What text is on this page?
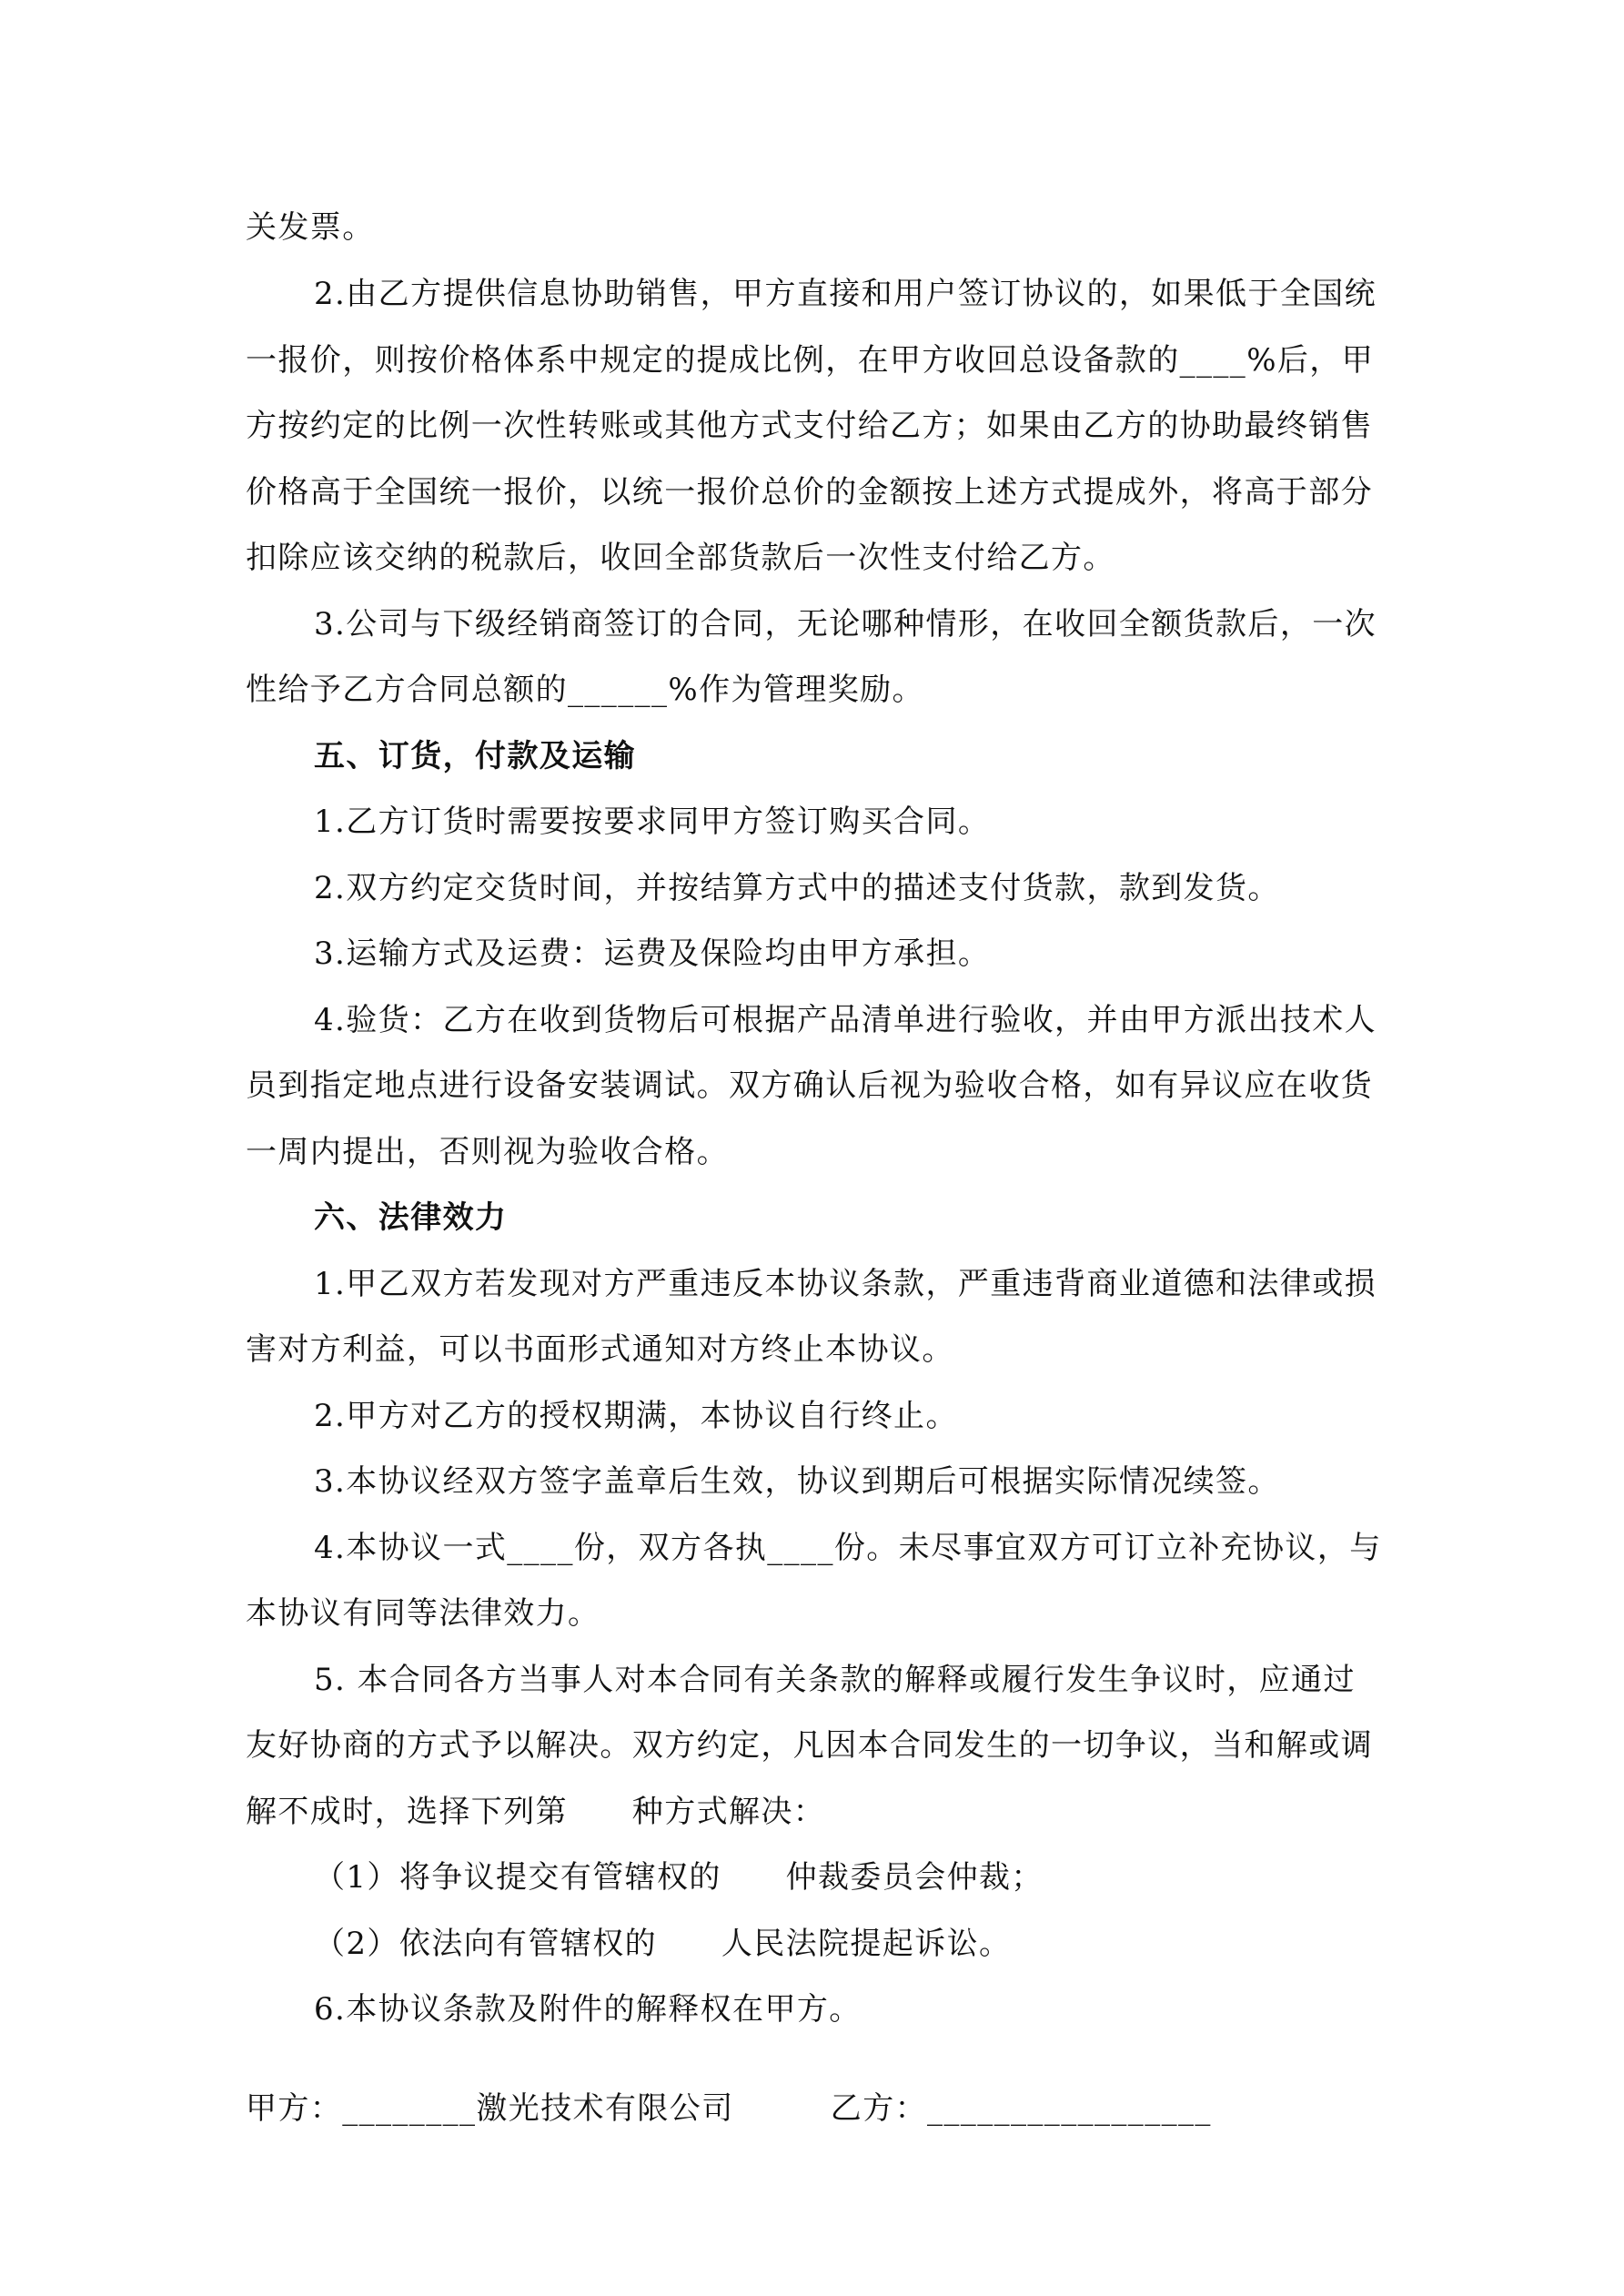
关发票。
2.由乙方提供信息协助销售，甲方直接和用户签订协议的，如果低于全国统
一报价，则按价格体系中规定的提成比例，在甲方收回总设备款的____%后，甲
方按约定的比例一次性转账或其他方式支付给乙方；如果由乙方的协助最终销售
价格高于全国统一报价，以统一报价总价的金额按上述方式提成外，将高于部分
扣除应该交纳的税款后，收回全部货款后一次性支付给乙方。
3.公司与下级经销商签订的合同，无论哪种情形，在收回全额货款后，一次
性给予乙方合同总额的______%作为管理奖励。
五、订货，付款及运输
1.乙方订货时需要按要求同甲方签订购买合同。
2.双方约定交货时间，并按结算方式中的描述支付货款，款到发货。
3.运输方式及运费：运费及保险均由甲方承担。
4.验货：乙方在收到货物后可根据产品清单进行验收，并由甲方派出技术人
员到指定地点进行设备安装调试。双方确认后视为验收合格，如有异议应在收货
一周内提出，否则视为验收合格。
六、法律效力
1.甲乙双方若发现对方严重违反本协议条款，严重违背商业道德和法律或损
害对方利益，可以书面形式通知对方终止本协议。
2.甲方对乙方的授权期满，本协议自行终止。
3.本协议经双方签字盖章后生效，协议到期后可根据实际情况续签。
4.本协议一式____份，双方各执____份。未尽事宜双方可订立补充协议，与
本协议有同等法律效力。
5. 本合同各方当事人对本合同有关条款的解释或履行发生争议时，应通过
友好协商的方式予以解决。双方约定，凡因本合同发生的一切争议，当和解或调
解不成时，选择下列第　　种方式解决：
（1）将争议提交有管辖权的　　仲裁委员会仲裁；
（2）依法向有管辖权的　　人民法院提起诉讼。
6.本协议条款及附件的解释权在甲方。
甲方：________激光技术有限公司　　　乙方：_________________
